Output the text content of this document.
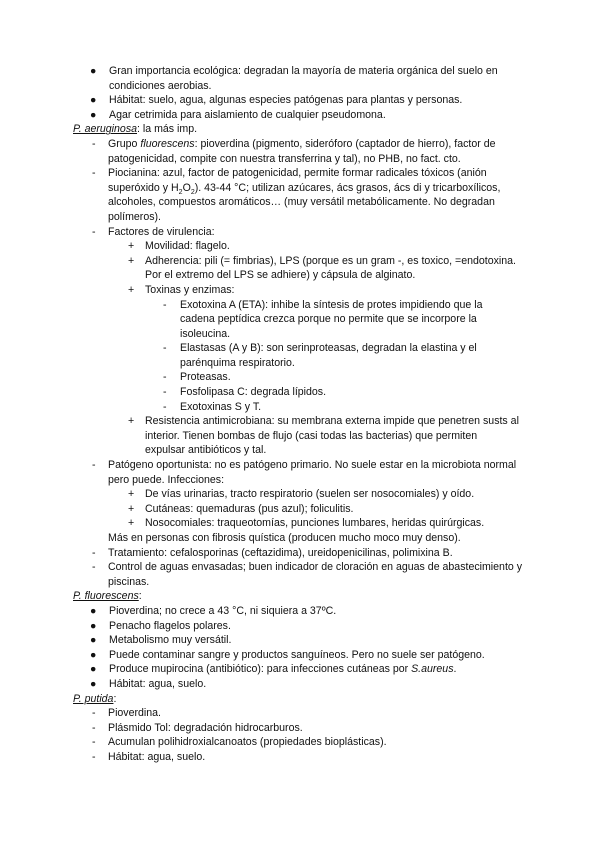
● Gran importancia ecológica: degradan la mayoría de materia orgánica del suelo en condiciones aerobias.
● Hábitat: suelo, agua, algunas especies patógenas para plantas y personas.
● Agar cetrimida para aislamiento de cualquier pseudomona.
P. aeruginosa: la más imp.
- Grupo fluorescens: pioverdina (pigmento, sideróforo (captador de hierro), factor de patogenicidad, compite con nuestra transferrina y tal), no PHB, no fact. cto.
- Piocianina: azul, factor de patogenicidad, permite formar radicales tóxicos (anión superóxido y $H_2O_2$). 43-44 °C; utilizan azúcares, ács grasos, ács di y tricarboxílicos, alcoholes, compuestos aromáticos… (muy versátil metabólicamente. No degradan polímeros).
- Factores de virulencia:
+ Movilidad: flagelo.
+ Adherencia: pili (= fimbrias), LPS (porque es un gram -, es toxico, =endotoxina. Por el extremo del LPS se adhiere) y cápsula de alginato.
+ Toxinas y enzimas:
- Exotoxina A (ETA): inhibe la síntesis de protes impidiendo que la cadena peptídica crezca porque no permite que se incorpore la isoleucina.
- Elastasas (A y B): son serinproteasas, degradan la elastina y el parénquima respiratorio.
- Proteasas.
- Fosfolipasa C: degrada lípidos.
- Exotoxinas S y T.
+ Resistencia antimicrobiana: su membrana externa impide que penetren susts al interior. Tienen bombas de flujo (casi todas las bacterias) que permiten expulsar antibióticos y tal.
- Patógeno oportunista: no es patógeno primario. No suele estar en la microbiota normal pero puede. Infecciones:
+ De vías urinarias, tracto respiratorio (suelen ser nosocomiales) y oído.
+ Cutáneas: quemaduras (pus azul); foliculitis.
+ Nosocomiales: traqueotomías, punciones lumbares, heridas quirúrgicas.
Más en personas con fibrosis quística (producen mucho moco muy denso).
- Tratamiento: cefalosporinas (ceftazidima), ureidopenicilinas, polimixina B.
- Control de aguas envasadas; buen indicador de cloración en aguas de abastecimiento y piscinas.
P. fluorescens:
● Pioverdina; no crece a 43 °C, ni siquiera a 37ºC.
● Penacho flagelos polares.
● Metabolismo muy versátil.
● Puede contaminar sangre y productos sanguíneos. Pero no suele ser patógeno.
● Produce mupirocina (antibiótico): para infecciones cutáneas por S.aureus.
● Hábitat: agua, suelo.
P. putida:
- Pioverdina.
- Plásmido Tol: degradación hidrocarburos.
- Acumulan polihidroxialcanoatos (propiedades bioplásticas).
- Hábitat: agua, suelo.
